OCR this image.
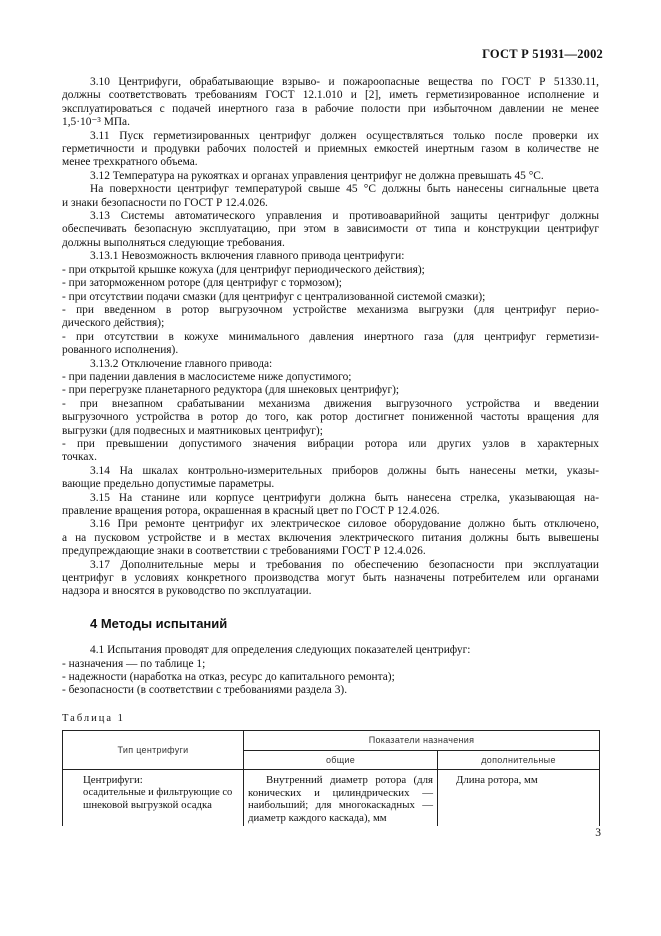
ГОСТ Р 51931—2002
3.10 Центрифуги, обрабатывающие взрыво- и пожароопасные вещества по ГОСТ Р 51330.11,
должны соответствовать требованиям ГОСТ 12.1.010 и [2], иметь герметизированное исполнение и
эксплуатироваться с подачей инертного газа в рабочие полости при избыточном давлении не менее
1,5·10⁻³ МПа.
3.11 Пуск герметизированных центрифуг должен осуществляться только после проверки их
герметичности и продувки рабочих полостей и приемных емкостей инертным газом в количестве не
менее трехкратного объема.
3.12 Температура на рукоятках и органах управления центрифуг не должна превышать 45 °С.
На поверхности центрифуг температурой свыше 45 °С должны быть нанесены сигнальные цвета
и знаки безопасности по ГОСТ Р 12.4.026.
3.13 Системы автоматического управления и противоаварийной защиты центрифуг должны
обеспечивать безопасную эксплуатацию, при этом в зависимости от типа и конструкции центрифуг
должны выполняться следующие требования.
3.13.1 Невозможность включения главного привода центрифуги:
- при открытой крышке кожуха (для центрифуг периодического действия);
- при заторможенном роторе (для центрифуг с тормозом);
- при отсутствии подачи смазки (для центрифуг с централизованной системой смазки);
- при введенном в ротор выгрузочном устройстве механизма выгрузки (для центрифуг перио-
дического действия);
- при отсутствии в кожухе минимального давления инертного газа (для центрифуг герметизи-
рованного исполнения).
3.13.2 Отключение главного привода:
- при падении давления в маслосистеме ниже допустимого;
- при перегрузке планетарного редуктора (для шнековых центрифуг);
- при внезапном срабатывании механизма движения выгрузочного устройства и введении
выгрузочного устройства в ротор до того, как ротор достигнет пониженной частоты вращения для
выгрузки (для подвесных и маятниковых центрифуг);
- при превышении допустимого значения вибрации ротора или других узлов в характерных
точках.
3.14 На шкалах контрольно-измерительных приборов должны быть нанесены метки, указы-
вающие предельно допустимые параметры.
3.15 На станине или корпусе центрифуги должна быть нанесена стрелка, указывающая на-
правление вращения ротора, окрашенная в красный цвет по ГОСТ Р 12.4.026.
3.16 При ремонте центрифуг их электрическое силовое оборудование должно быть отключено,
а на пусковом устройстве и в местах включения электрического питания должны быть вывешены
предупреждающие знаки в соответствии с требованиями ГОСТ Р 12.4.026.
3.17 Дополнительные меры и требования по обеспечению безопасности при эксплуатации
центрифуг в условиях конкретного производства могут быть назначены потребителем или органами
надзора и вносятся в руководство по эксплуатации.
4 Методы испытаний
4.1 Испытания проводят для определения следующих показателей центрифуг:
- назначения — по таблице 1;
- надежности (наработка на отказ, ресурс до капитального ремонта);
- безопасности (в соответствии с требованиями раздела 3).
Таблица 1
Тип центрифуги	Показатели назначения	
	общие	дополнительные

Центрифуги:
осадительные и фильтрующие со
шнековой выгрузкой осадка	Внутренний диаметр ротора (для
конических и цилиндрических —
наибольший; для многокаскадных —
диаметр каждого каскада), мм	Длина ротора, мм
3
